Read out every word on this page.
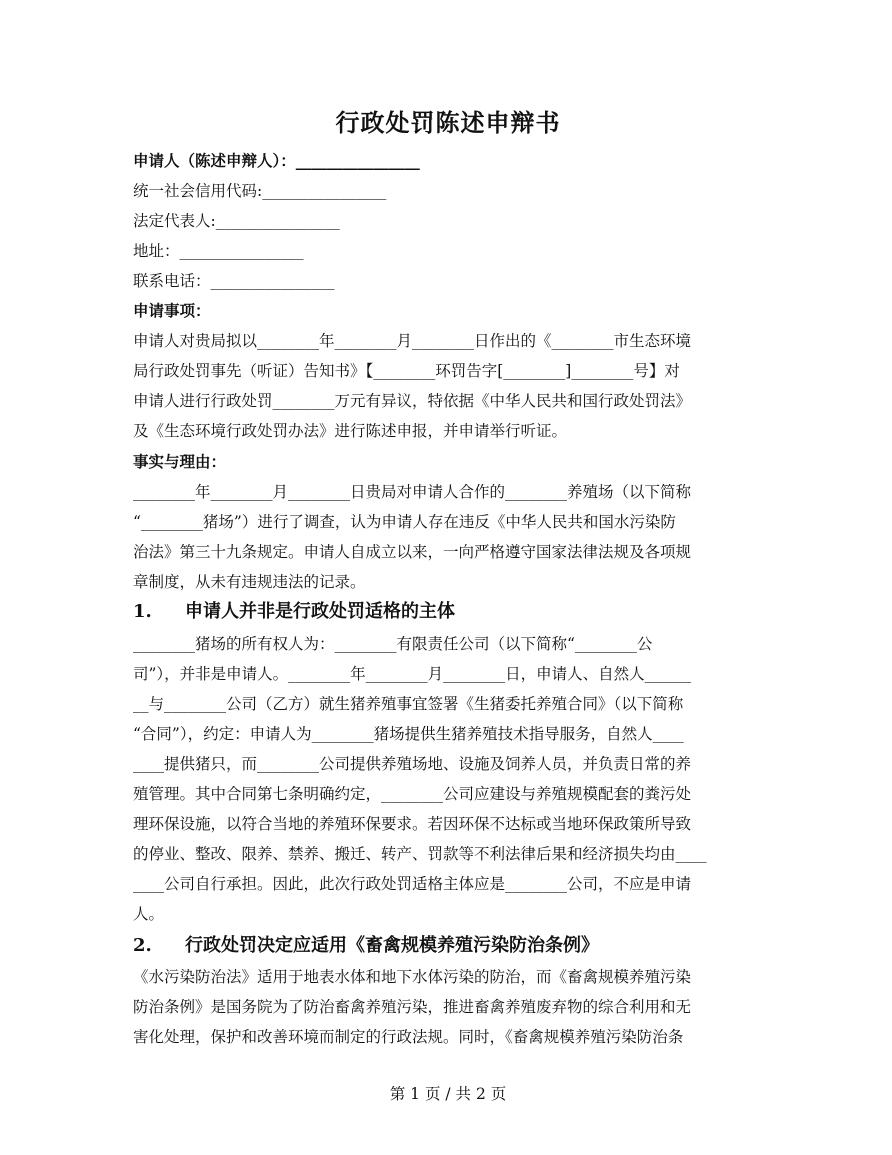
行政处罚陈述申辩书
申请人（陈述申辩人）：________________
统一社会信用代码:________________
法定代表人:________________
地址：________________
联系电话：________________
申请事项：
申请人对贵局拟以________年________月________日作出的《________市生态环境
局行政处罚事先（听证）告知书》【________环罚告字[________]________号】对
申请人进行行政处罚________万元有异议，特依据《中华人民共和国行政处罚法》
及《生态环境行政处罚办法》进行陈述申报，并申请举行听证。
事实与理由：
________年________月________日贵局对申请人合作的________养殖场（以下简称
“________猪场”）进行了调查，认为申请人存在违反《中华人民共和国水污染防
治法》第三十九条规定。申请人自成立以来，一向严格遵守国家法律法规及各项规
章制度，从未有违规违法的记录。
1. 申请人并非是行政处罚适格的主体
________猪场的所有权人为：________有限责任公司（以下简称“________公
司”），并非是申请人。________年________月________日，申请人、自然人______
__与________公司（乙方）就生猪养殖事宜签署《生猪委托养殖合同》（以下简称
“合同”），约定：申请人为________猪场提供生猪养殖技术指导服务，自然人____
____提供猪只，而________公司提供养殖场地、设施及饲养人员，并负责日常的养
殖管理。其中合同第七条明确约定，________公司应建设与养殖规模配套的粪污处
理环保设施，以符合当地的养殖环保要求。若因环保不达标或当地环保政策所导致
的停业、整改、限养、禁养、搬迁、转产、罚款等不利法律后果和经济损失均由____
____公司自行承担。因此，此次行政处罚适格主体应是________公司，不应是申请
人。
2. 行政处罚决定应适用《畜禽规模养殖污染防治条例》
《水污染防治法》适用于地表水体和地下水体污染的防治，而《畜禽规模养殖污染
防治条例》是国务院为了防治畜禽养殖污染，推进畜禽养殖废弃物的综合利用和无
害化处理，保护和改善环境而制定的行政法规。同时，《畜禽规模养殖污染防治条
第 1 页 / 共 2 页
